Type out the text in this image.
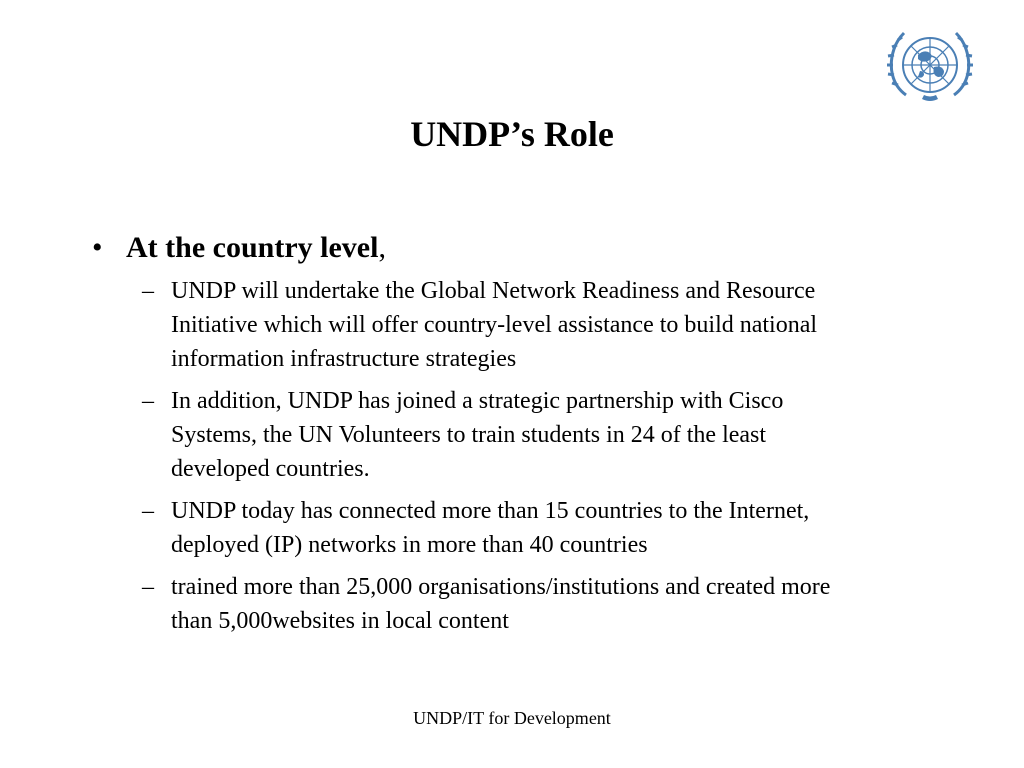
UNDP’s Role
• At the country level,
– UNDP will undertake the Global Network Readiness and Resource Initiative which will offer country-level assistance to build national information infrastructure strategies
– In addition, UNDP has joined a strategic partnership with Cisco Systems, the UN Volunteers to train students in 24 of the least developed countries.
– UNDP today has connected more than 15 countries to the Internet, deployed (IP) networks in more than 40 countries
– trained more than 25,000 organisations/institutions and created more than 5,000websites in local content
UNDP/IT for Development
